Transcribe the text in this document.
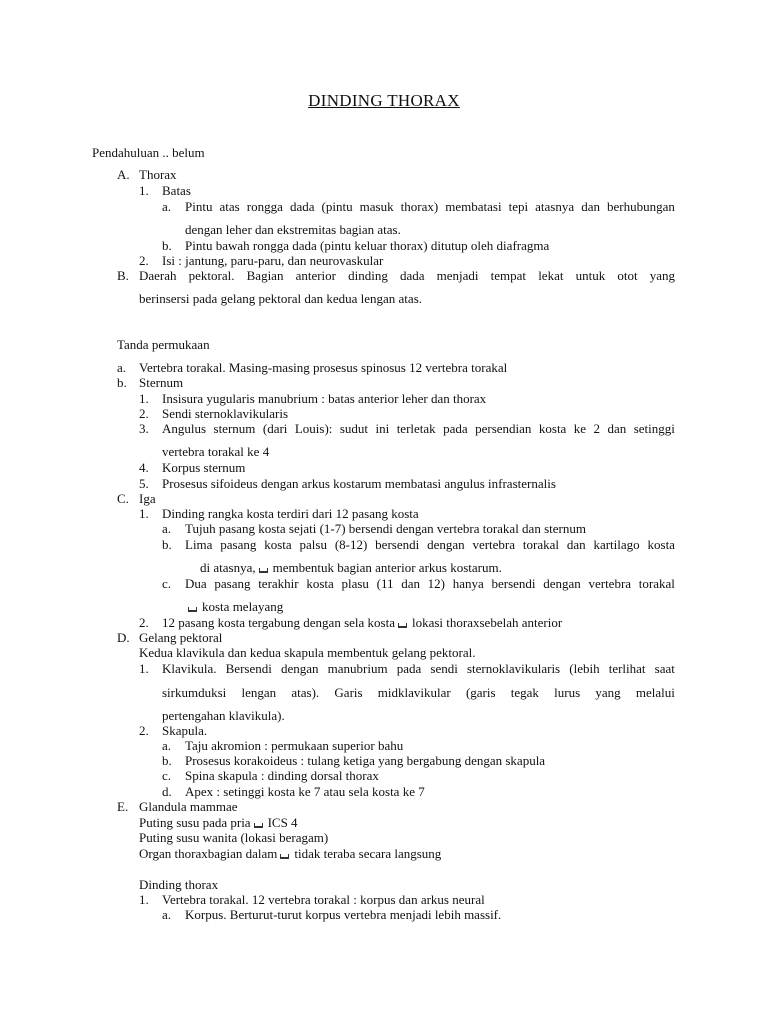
DINDING THORAX
Pendahuluan .. belum
A. Thorax
1. Batas
a. Pintu atas rongga dada (pintu masuk thorax) membatasi tepi atasnya dan berhubungan
dengan leher dan ekstremitas bagian atas.
b. Pintu bawah rongga dada (pintu keluar thorax) ditutup oleh diafragma
2. Isi : jantung, paru-paru, dan neurovaskular
B. Daerah pektoral. Bagian anterior dinding dada menjadi tempat lekat untuk otot yang
berinsersi pada gelang pektoral dan kedua lengan atas.
Tanda permukaan
a. Vertebra torakal. Masing-masing prosesus spinosus 12 vertebra torakal
b. Sternum
1. Insisura yugularis manubrium : batas anterior leher dan thorax
2. Sendi sternoklavikularis
3. Angulus sternum (dari Louis): sudut ini terletak pada persendian kosta ke 2 dan setinggi
vertebra torakal ke 4
4. Korpus sternum
5. Prosesus sifoideus dengan arkus kostarum membatasi angulus infrasternalis
C. Iga
1. Dinding rangka kosta terdiri dari 12 pasang kosta
a. Tujuh pasang kosta sejati (1-7) bersendi dengan vertebra torakal dan sternum
b. Lima pasang kosta palsu (8-12) bersendi dengan vertebra torakal dan kartilago kosta
di atasnya, membentuk bagian anterior arkus kostarum.
c. Dua pasang terakhir kosta plasu (11 dan 12) hanya bersendi dengan vertebra torakal
kosta melayang
2. 12 pasang kosta tergabung dengan sela kosta lokasi thoraxsebelah anterior
D. Gelang pektoral
Kedua klavikula dan kedua skapula membentuk gelang pektoral.
1. Klavikula. Bersendi dengan manubrium pada sendi sternoklavikularis (lebih terlihat saat
sirkumduksi lengan atas). Garis midklavikular (garis tegak lurus yang melalui
pertengahan klavikula).
2. Skapula.
a. Taju akromion : permukaan superior bahu
b. Prosesus korakoideus : tulang ketiga yang bergabung dengan skapula
c. Spina skapula : dinding dorsal thorax
d. Apex : setinggi kosta ke 7 atau sela kosta ke 7
E. Glandula mammae
Puting susu pada pria ICS 4
Puting susu wanita (lokasi beragam)
Organ thoraxbagian dalam tidak teraba secara langsung
Dinding thorax
1. Vertebra torakal. 12 vertebra torakal : korpus dan arkus neural
a. Korpus. Berturut-turut korpus vertebra menjadi lebih massif.
